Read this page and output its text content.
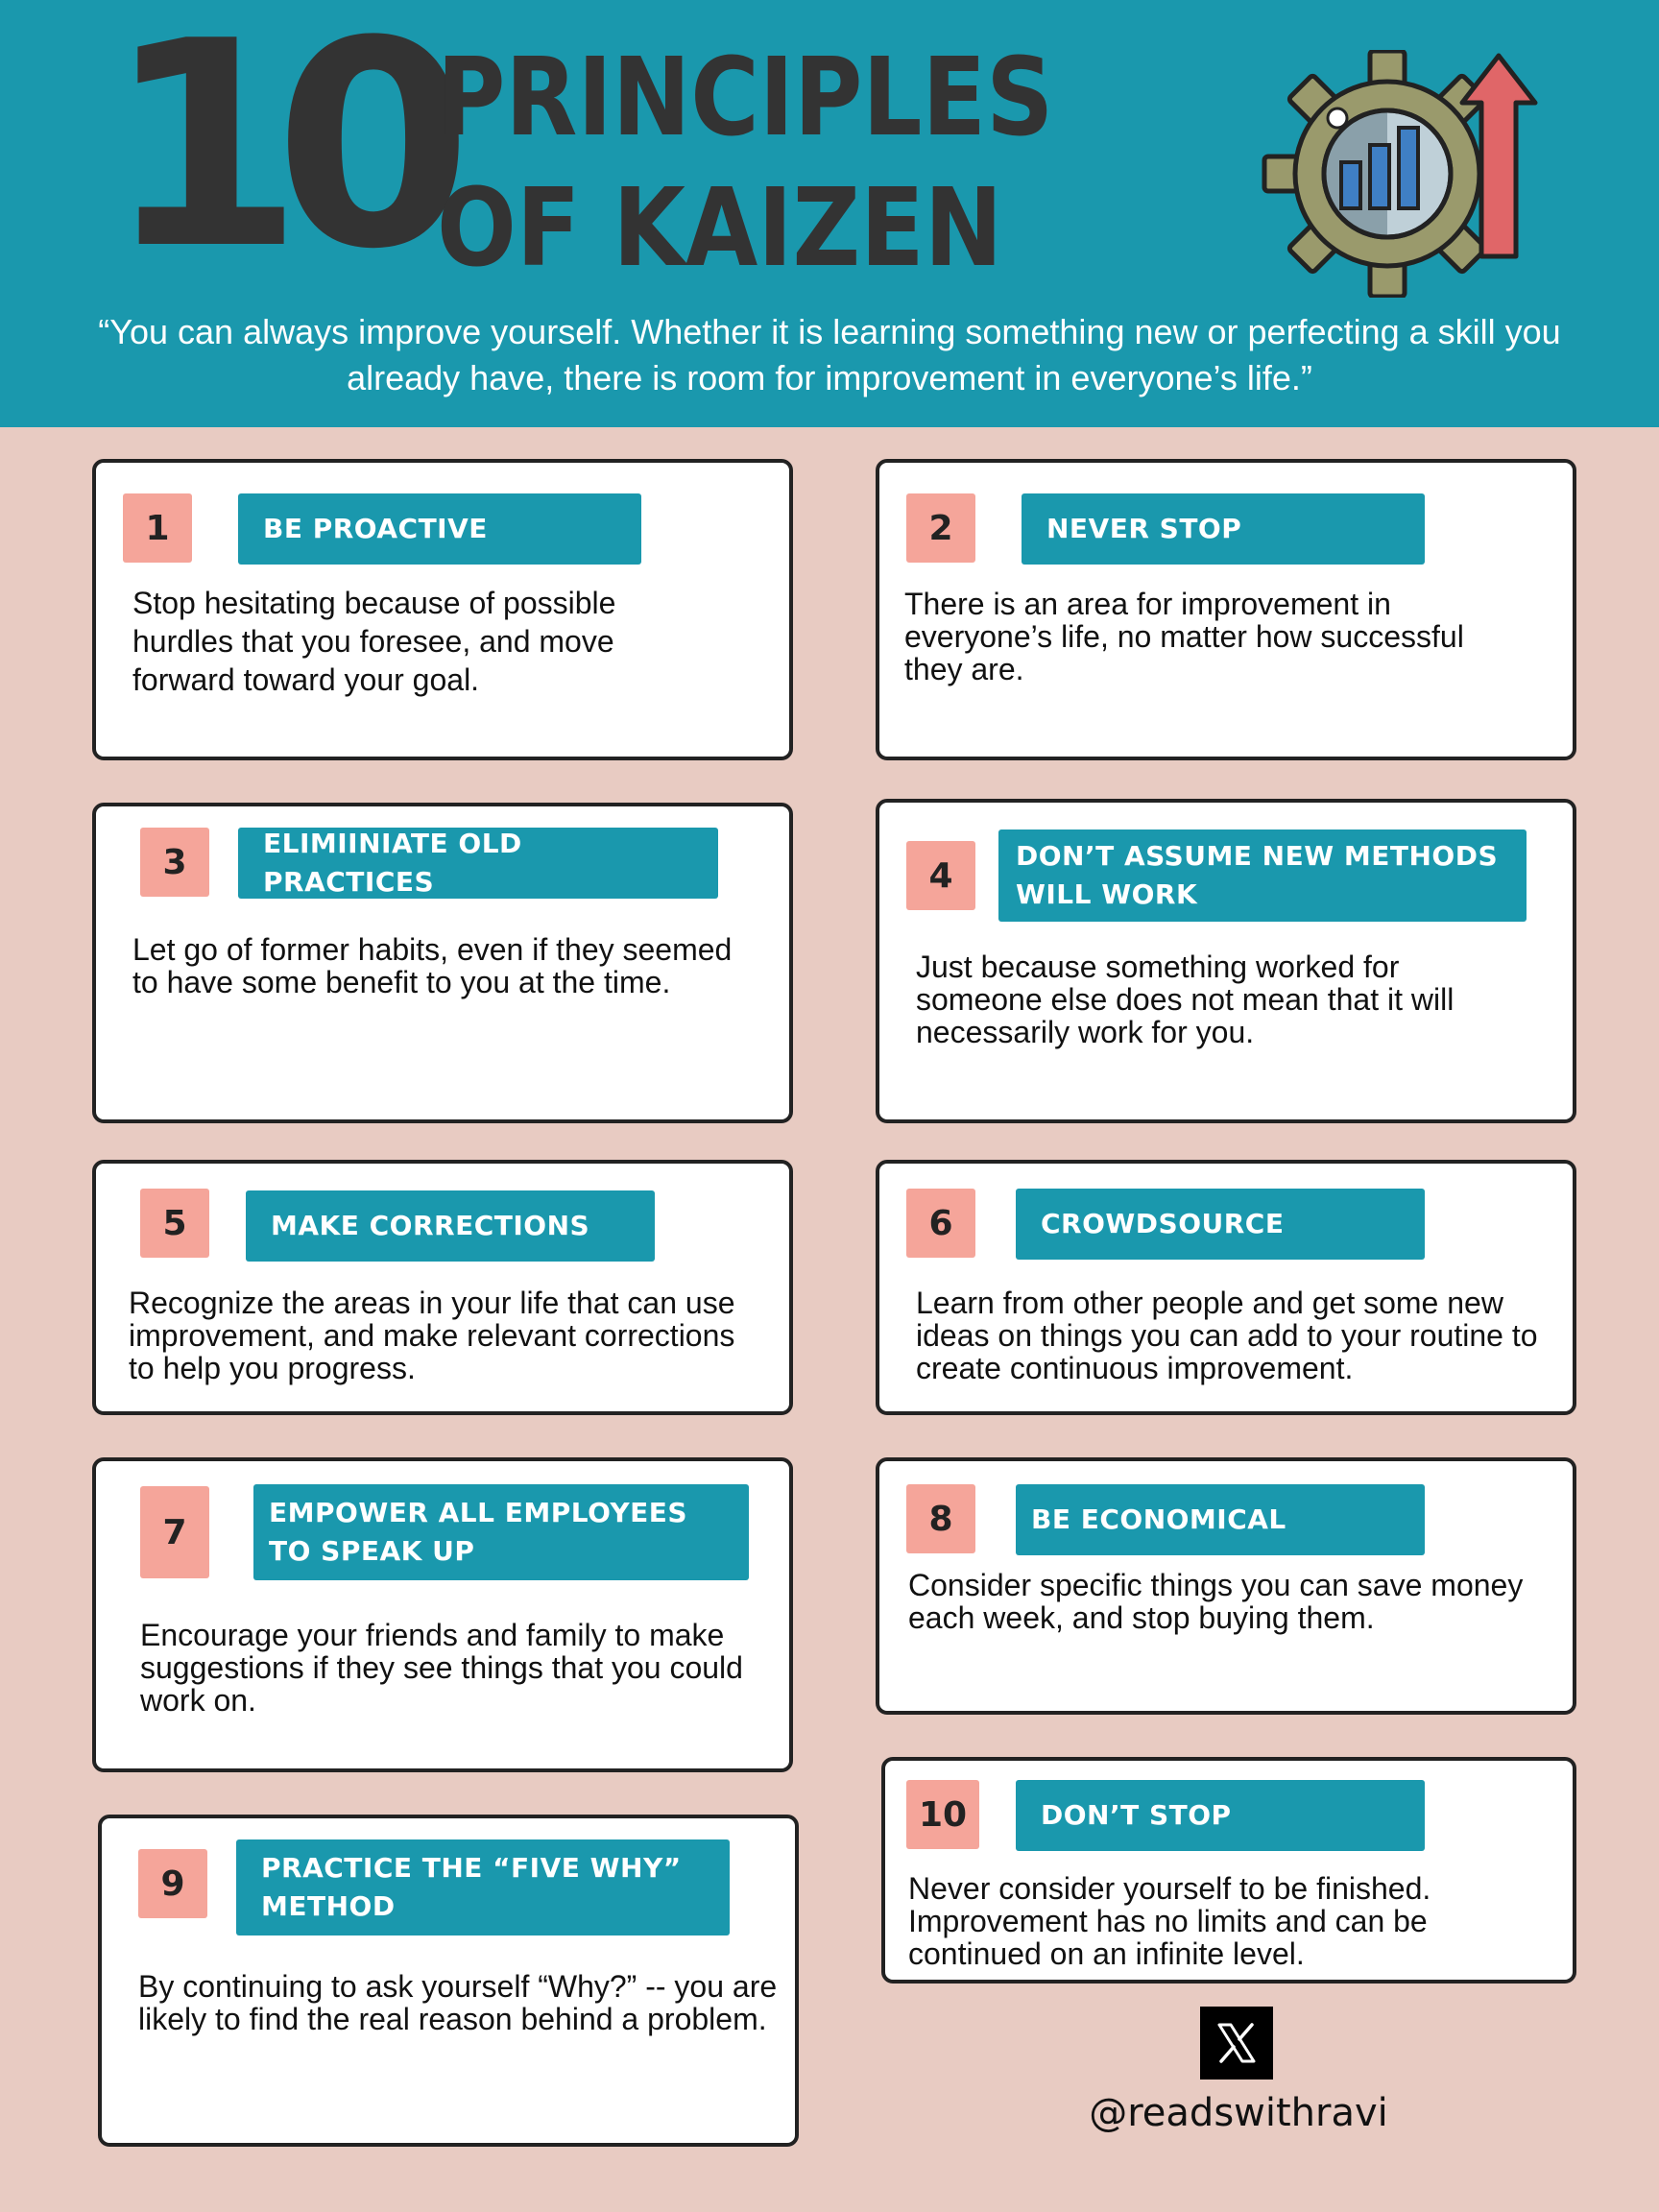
10
PRINCIPLES
OF KAIZEN
“You can always improve yourself. Whether it is learning something new or perfecting a skill you already have, there is room for improvement in everyone’s life.”
1	BE PROACTIVE
Stop hesitating because of possible hurdles that you foresee, and move forward toward your goal.
2	NEVER STOP
There is an area for improvement in everyone’s life, no matter how successful they are.
3	ELIMIINIATE OLD PRACTICES
Let go of former habits, even if they seemed to have some benefit to you at the time.
4	DON’T ASSUME NEW METHODS WILL WORK
Just because something worked for someone else does not mean that it will necessarily work for you.
5	MAKE CORRECTIONS
Recognize the areas in your life that can use improvement, and make relevant corrections to help you progress.
6	CROWDSOURCE
Learn from other people and get some new ideas on things you can add to your routine to create continuous improvement.
7	EMPOWER ALL EMPLOYEES TO SPEAK UP
Encourage your friends and family to make suggestions if they see things that you could work on.
8	BE ECONOMICAL
Consider specific things you can save money each week, and stop buying them.
9	PRACTICE THE “FIVE WHY” METHOD
By continuing to ask yourself “Why?” -- you are likely to find the real reason behind a problem.
10	DON’T STOP
Never consider yourself to be finished. Improvement has no limits and can be continued on an infinite level.
@readswithravi
